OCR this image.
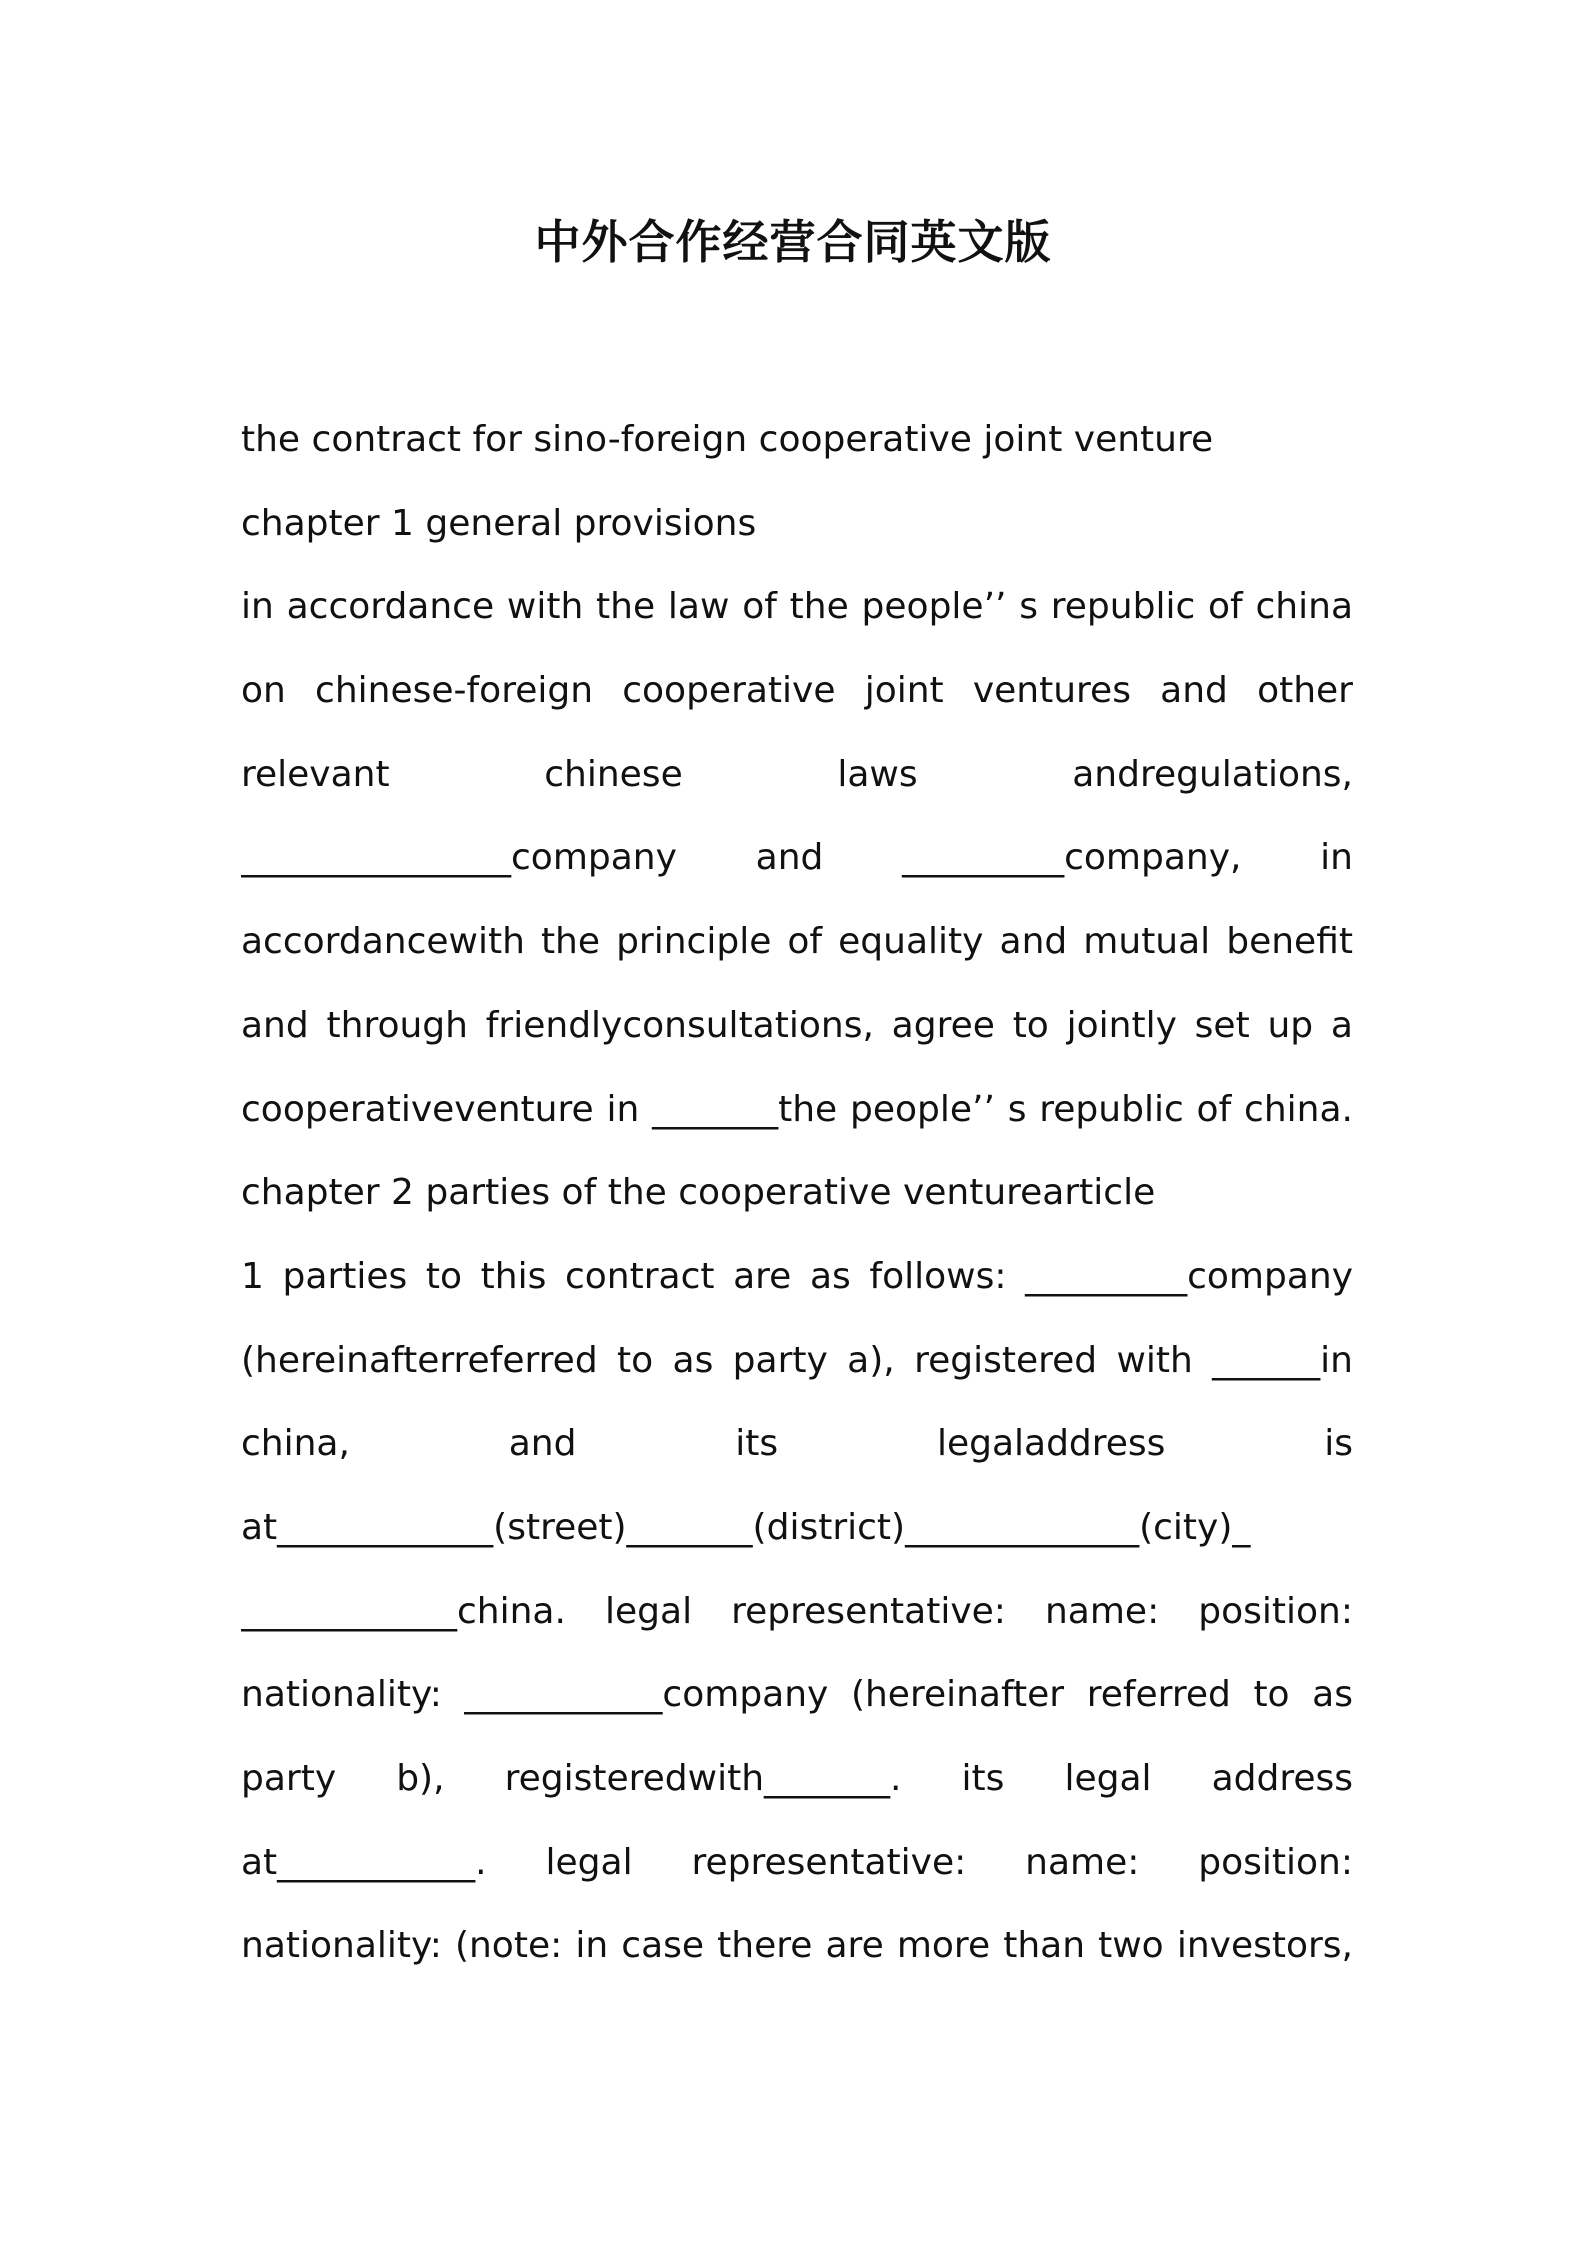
中外合作经营合同英文版
the contract for sino-foreign cooperative joint venture
chapter 1 general provisions
in accordance with the law of the people’’ s republic of china
on chinese-foreign cooperative joint ventures and other
relevant chinese laws andregulations,
_______________company and _________company, in
accordancewith the principle of equality and mutual benefit
and through friendlyconsultations, agree to jointly set up a
cooperativeventure in _______the people’’ s republic of china.
chapter 2 parties of the cooperative venturearticle
1 parties to this contract are as follows: _________company
(hereinafterreferred to as party a), registered with ______in
china, and its legaladdress is
at____________(street)_______(district)_____________(city)_
____________china. legal representative: name: position:
nationality: ___________company (hereinafter referred to as
party b), registeredwith_______. its legal address
at___________. legal representative: name: position:
nationality: (note: in case there are more than two investors,
